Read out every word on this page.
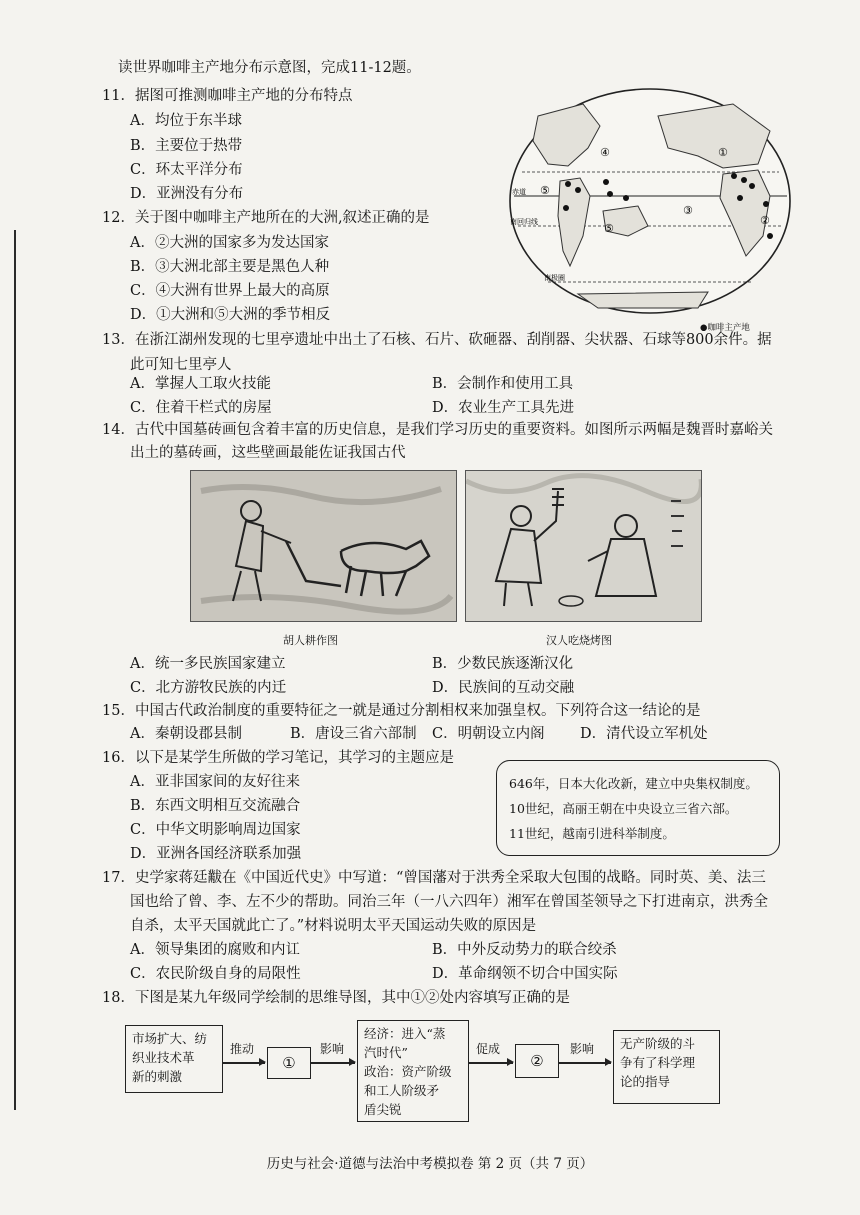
读世界咖啡主产地分布示意图，完成11-12题。
11．据图可推测咖啡主产地的分布特点
A．均位于东半球
B．主要位于热带
C．环太平洋分布
D．亚洲没有分布
12．关于图中咖啡主产地所在的大洲,叙述正确的是
A．②大洲的国家多为发达国家
B．③大洲北部主要是黑色人种
C．④大洲有世界上最大的高原
D．①大洲和⑤大洲的季节相反
①
②
③
④
⑤
⑤
赤道
南回归线
南极圈
●咖啡主产地
13．在浙江湖州发现的七里亭遗址中出土了石核、石片、砍砸器、刮削器、尖状器、石球等800余件。据
此可知七里亭人
A．掌握人工取火技能	B．会制作和使用工具
C．住着干栏式的房屋	D．农业生产工具先进
14．古代中国墓砖画包含着丰富的历史信息，是我们学习历史的重要资料。如图所示两幅是魏晋时嘉峪关
出土的墓砖画，这些壁画最能佐证我国古代
胡人耕作图	汉人吃烧烤图
A．统一多民族国家建立	B．少数民族逐渐汉化
C．北方游牧民族的内迁	D．民族间的互动交融
15．中国古代政治制度的重要特征之一就是通过分割相权来加强皇权。下列符合这一结论的是
A．秦朝设郡县制	B．唐设三省六部制 C．明朝设立内阁 D．清代设立军机处
16．以下是某学生所做的学习笔记，其学习的主题应是
A．亚非国家间的友好往来
B．东西文明相互交流融合
C．中华文明影响周边国家
D．亚洲各国经济联系加强
646年，日本大化改新，建立中央集权制度。
10世纪，高丽王朝在中央设立三省六部。
11世纪，越南引进科举制度。
17．史学家蒋廷黻在《中国近代史》中写道：“曾国藩对于洪秀全采取大包围的战略。同时英、美、法三
国也给了曾、李、左不少的帮助。同治三年（一八六四年）湘军在曾国荃领导之下打进南京，洪秀全
自杀，太平天国就此亡了。”材料说明太平天国运动失败的原因是
A．领导集团的腐败和内讧	B．中外反动势力的联合绞杀
C．农民阶级自身的局限性	D．革命纲领不切合中国实际
18．下图是某九年级同学绘制的思维导图，其中①②处内容填写正确的是
市场扩大、纺
织业技术革
新的刺激
推动
①
影响
经济：进入“蒸
汽时代”
政治：资产阶级
和工人阶级矛
盾尖锐
促成
②
影响 无产阶级的斗
争有了科学理
论的指导
历史与社会·道德与法治中考模拟卷 第 2 页（共 7 页）
